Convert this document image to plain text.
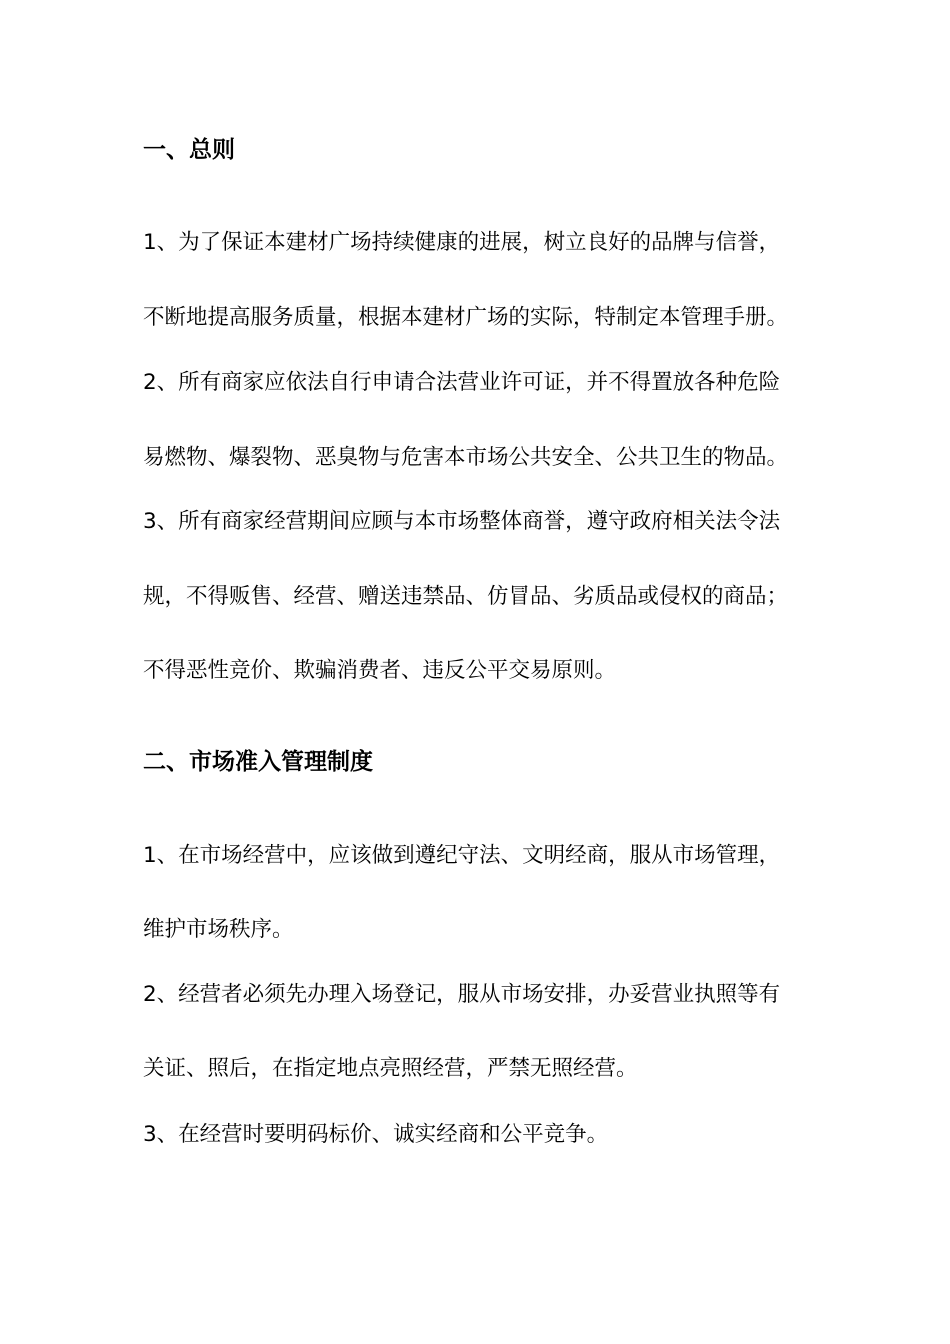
一、总则
1、为了保证本建材广场持续健康的进展，树立良好的品牌与信誉，
不断地提高服务质量，根据本建材广场的实际，特制定本管理手册。
2、所有商家应依法自行申请合法营业许可证，并不得置放各种危险
易燃物、爆裂物、恶臭物与危害本市场公共安全、公共卫生的物品。
3、所有商家经营期间应顾与本市场整体商誉，遵守政府相关法令法
规，不得贩售、经营、赠送违禁品、仿冒品、劣质品或侵权的商品；
不得恶性竞价、欺骗消费者、违反公平交易原则。
二、市场准入管理制度
1、在市场经营中，应该做到遵纪守法、文明经商，服从市场管理，
维护市场秩序。
2、经营者必须先办理入场登记，服从市场安排，办妥营业执照等有
关证、照后，在指定地点亮照经营，严禁无照经营。
3、在经营时要明码标价、诚实经商和公平竞争。
